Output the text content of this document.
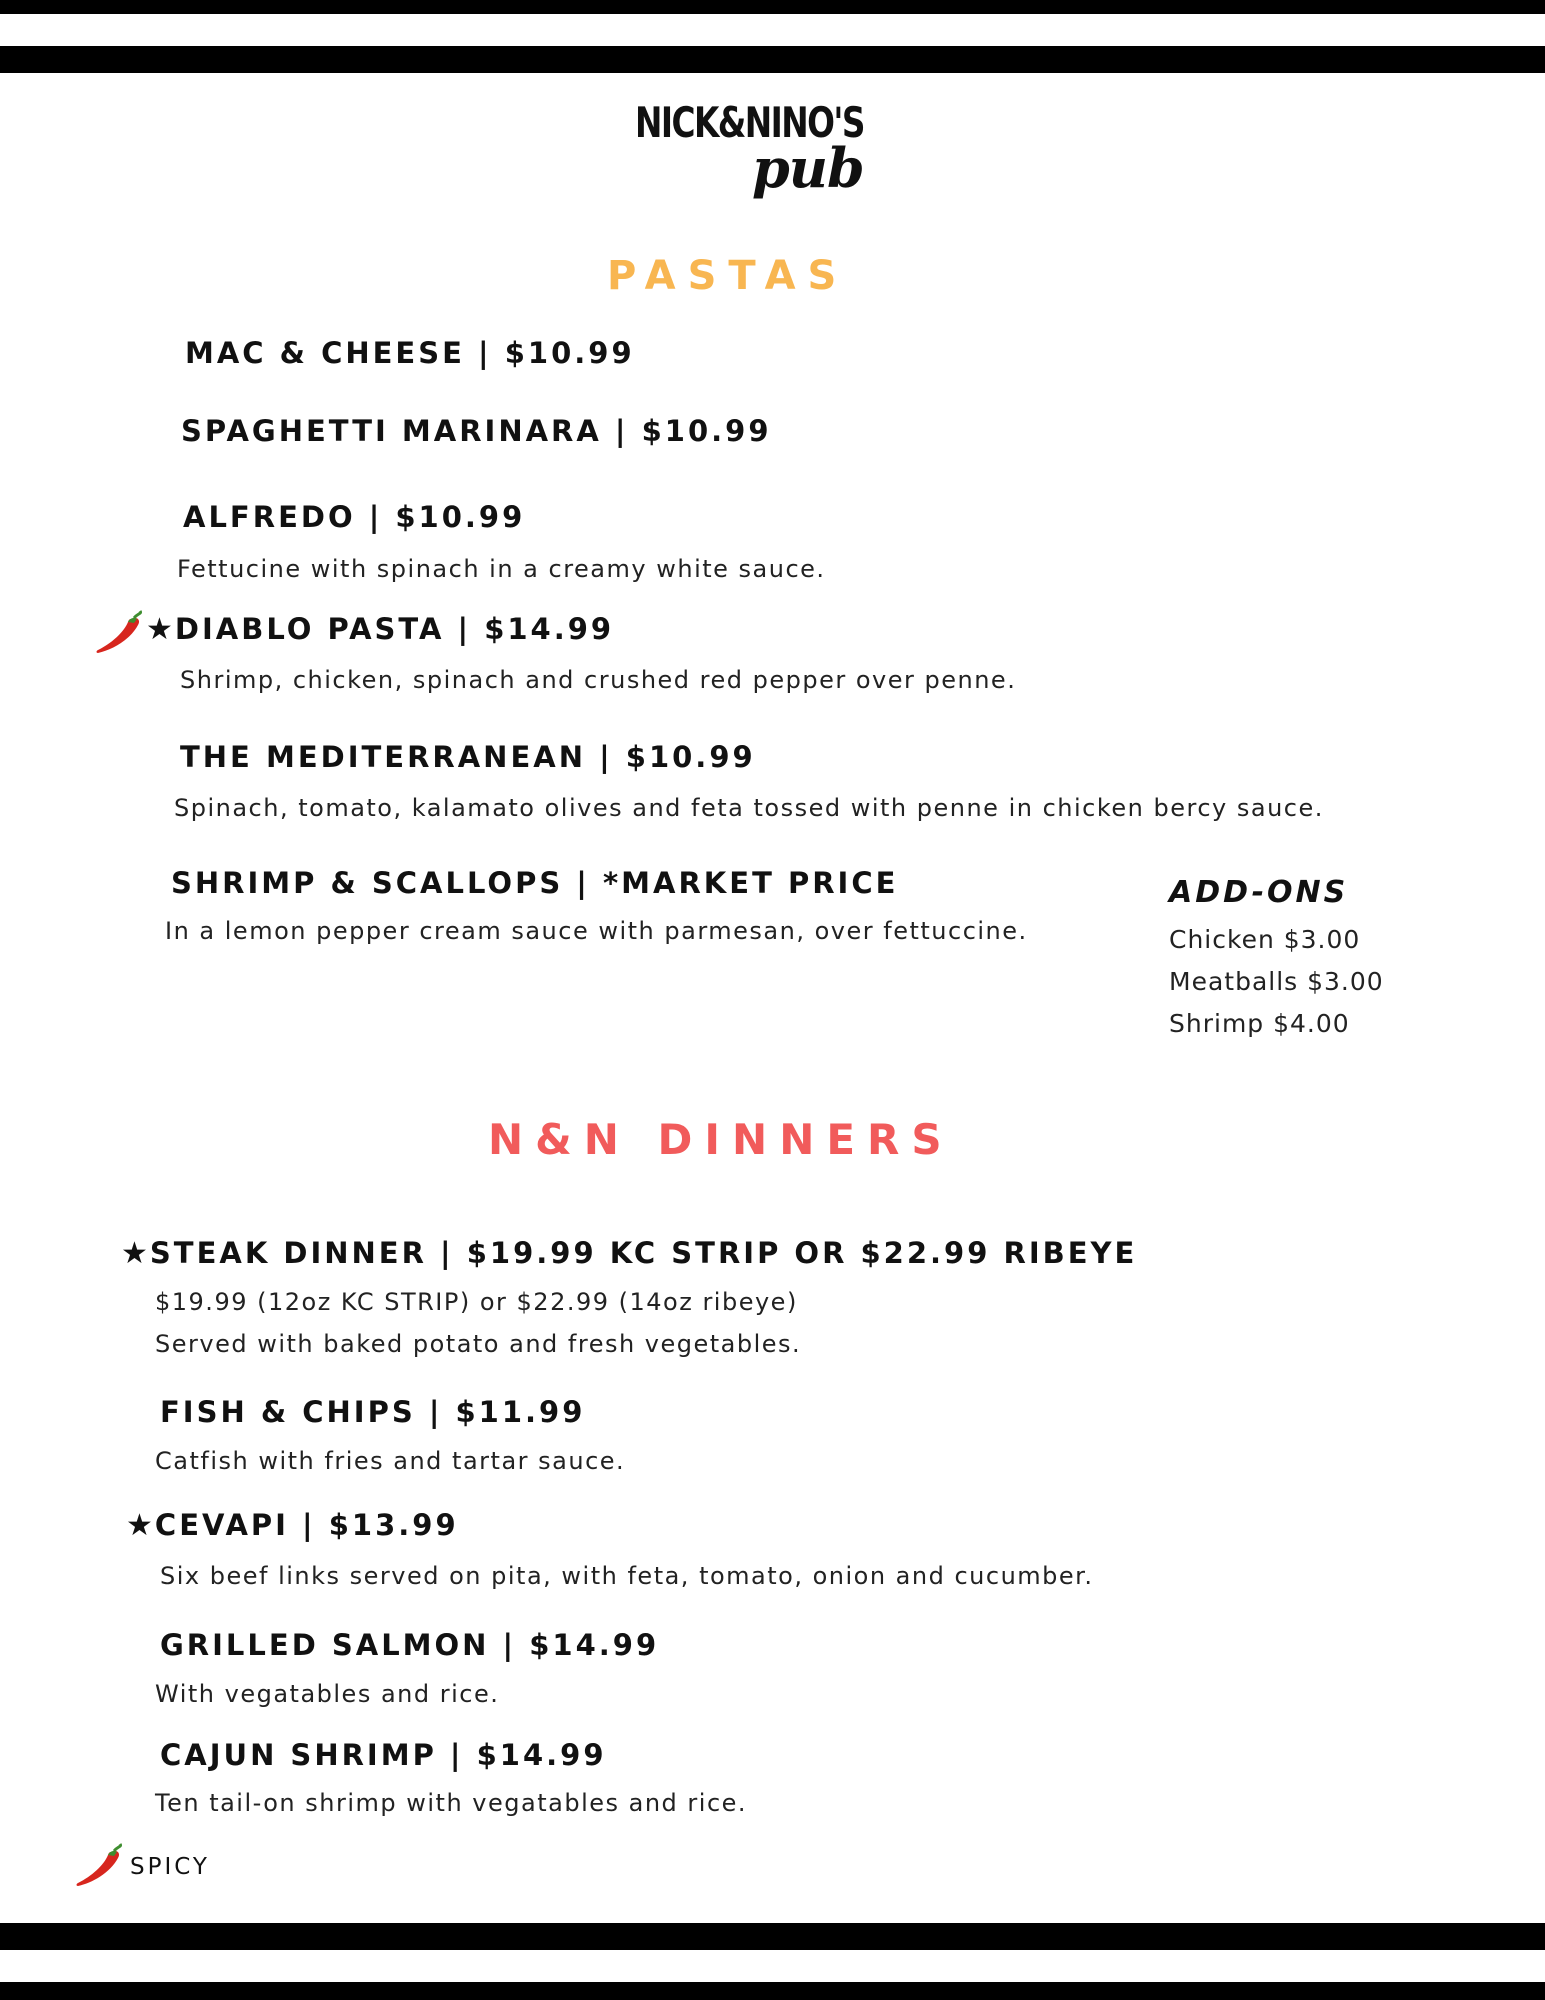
NICK&NINO'S
pub
PASTAS
MAC & CHEESE | $10.99
SPAGHETTI MARINARA | $10.99
ALFREDO | $10.99
Fettucine with spinach in a creamy white sauce.
★DIABLO PASTA | $14.99
Shrimp, chicken, spinach and crushed red pepper over penne.
THE MEDITERRANEAN | $10.99
Spinach, tomato, kalamato olives and feta tossed with penne in chicken bercy sauce.
SHRIMP & SCALLOPS | *MARKET PRICE
In a lemon pepper cream sauce with parmesan, over fettuccine.
ADD-ONS
Chicken $3.00
Meatballs $3.00
Shrimp $4.00
N&N DINNERS
★STEAK DINNER | $19.99 KC STRIP OR $22.99 RIBEYE
$19.99 (12oz KC STRIP) or $22.99 (14oz ribeye)
Served with baked potato and fresh vegetables.
FISH & CHIPS | $11.99
Catfish with fries and tartar sauce.
★CEVAPI | $13.99
Six beef links served on pita, with feta, tomato, onion and cucumber.
GRILLED SALMON | $14.99
With vegatables and rice.
CAJUN SHRIMP | $14.99
Ten tail-on shrimp with vegatables and rice.
SPICY
